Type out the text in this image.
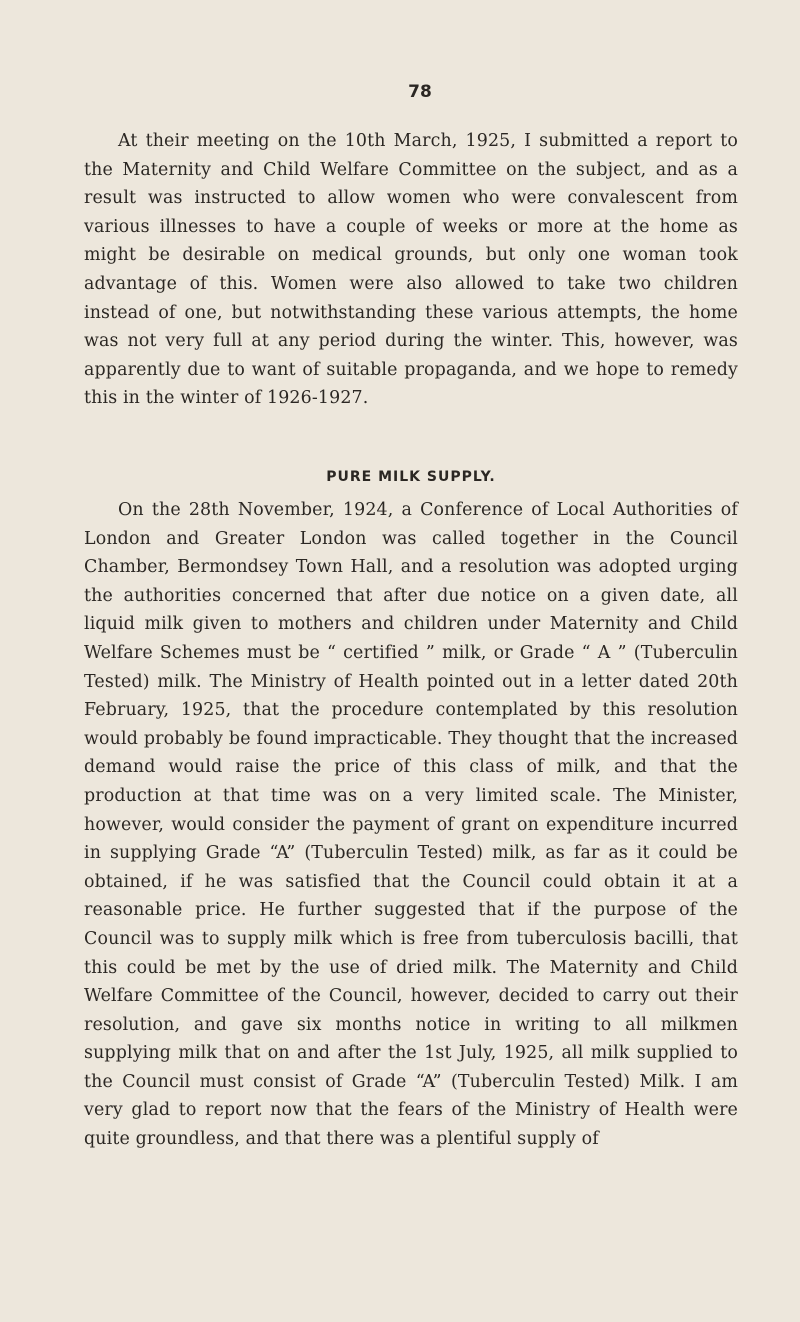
78

At their meeting on the 10th March, 1925, I submitted a report to the Maternity and Child Welfare Committee on the subject, and as a result was instructed to allow women who were convalescent from various illnesses to have a couple of weeks or more at the home as might be desirable on medical grounds, but only one woman took advantage of this. Women were also allowed to take two children instead of one, but notwithstanding these various attempts, the home was not very full at any period during the winter. This, however, was apparently due to want of suitable propaganda, and we hope to remedy this in the winter of 1926-1927.

PURE MILK SUPPLY.

On the 28th November, 1924, a Conference of Local Authorities of London and Greater London was called together in the Council Chamber, Bermondsey Town Hall, and a resolution was adopted urging the authorities concerned that after due notice on a given date, all liquid milk given to mothers and children under Maternity and Child Welfare Schemes must be “ certified ” milk, or Grade “ A ” (Tuberculin Tested) milk. The Ministry of Health pointed out in a letter dated 20th February, 1925, that the procedure contemplated by this resolution would probably be found impracticable. They thought that the increased demand would raise the price of this class of milk, and that the production at that time was on a very limited scale. The Minister, however, would consider the payment of grant on expenditure incurred in supplying Grade “A” (Tuberculin Tested) milk, as far as it could be obtained, if he was satisfied that the Council could obtain it at a reasonable price. He further suggested that if the purpose of the Council was to supply milk which is free from tuberculosis bacilli, that this could be met by the use of dried milk. The Maternity and Child Welfare Committee of the Council, however, decided to carry out their resolution, and gave six months notice in writing to all milkmen supplying milk that on and after the 1st July, 1925, all milk supplied to the Council must consist of Grade “A” (Tuberculin Tested) Milk. I am very glad to report now that the fears of the Ministry of Health were quite groundless, and that there was a plentiful supply of
